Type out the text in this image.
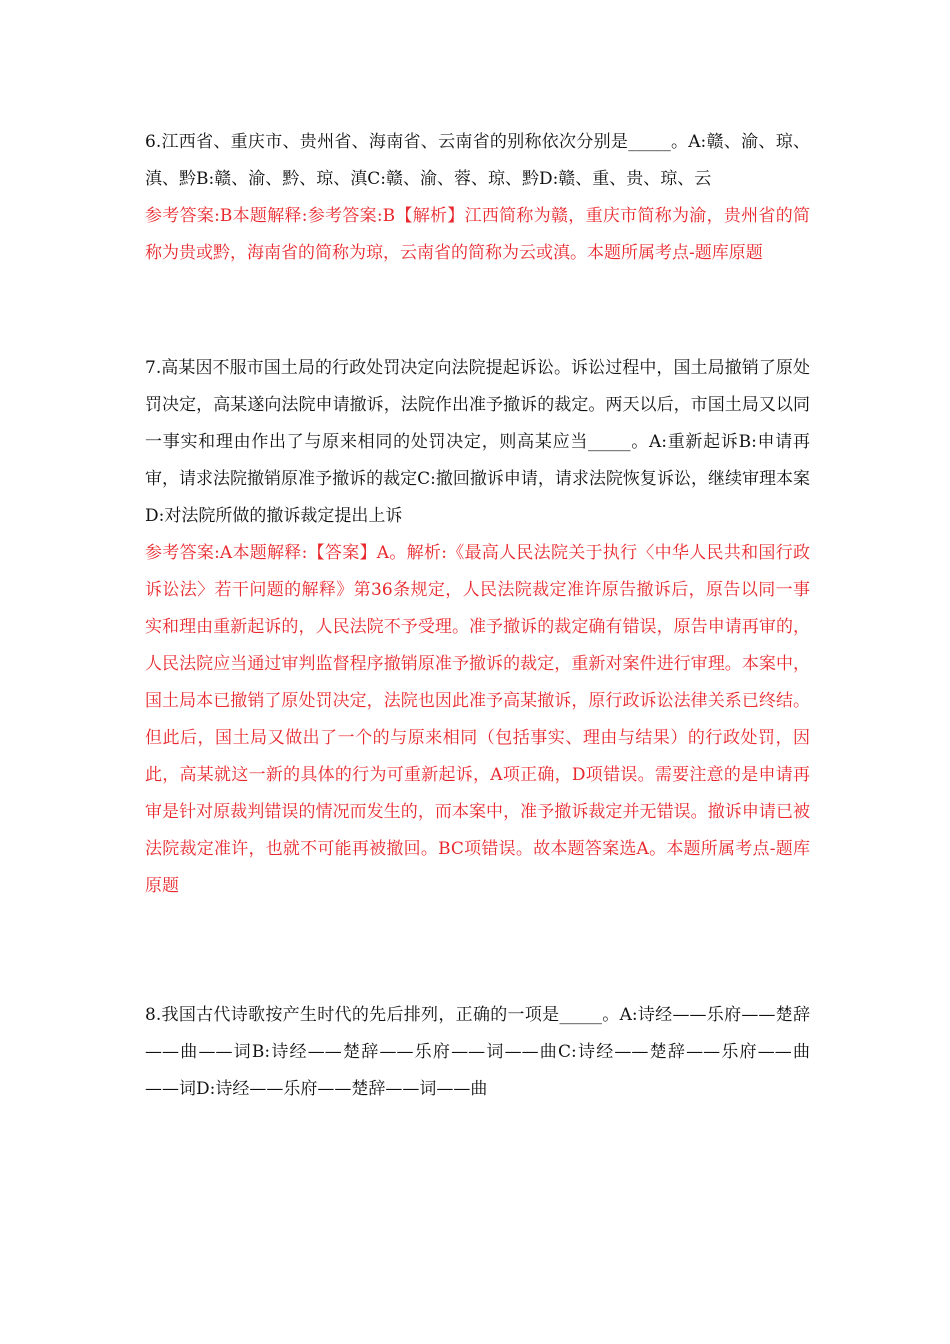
6.江西省、重庆市、贵州省、海南省、云南省的别称依次分别是_____。A:赣、渝、琼、滇、黔B:赣、渝、黔、琼、滇C:赣、渝、蓉、琼、黔D:赣、重、贵、琼、云

参考答案:B本题解释:参考答案:B【解析】江西简称为赣，重庆市简称为渝，贵州省的简称为贵或黔，海南省的简称为琼，云南省的简称为云或滇。本题所属考点-题库原题

7.高某因不服市国土局的行政处罚决定向法院提起诉讼。诉讼过程中，国土局撤销了原处罚决定，高某遂向法院申请撤诉，法院作出准予撤诉的裁定。两天以后，市国土局又以同一事实和理由作出了与原来相同的处罚决定，则高某应当_____。A:重新起诉B:申请再审，请求法院撤销原准予撤诉的裁定C:撤回撤诉申请，请求法院恢复诉讼，继续审理本案D:对法院所做的撤诉裁定提出上诉

参考答案:A本题解释:【答案】A。解析:《最高人民法院关于执行〈中华人民共和国行政诉讼法〉若干问题的解释》第36条规定，人民法院裁定准许原告撤诉后，原告以同一事实和理由重新起诉的，人民法院不予受理。准予撤诉的裁定确有错误，原告申请再审的，人民法院应当通过审判监督程序撤销原准予撤诉的裁定，重新对案件进行审理。本案中，国土局本已撤销了原处罚决定，法院也因此准予高某撤诉，原行政诉讼法律关系已终结。但此后，国土局又做出了一个的与原来相同（包括事实、理由与结果）的行政处罚，因此，高某就这一新的具体的行为可重新起诉，A项正确，D项错误。需要注意的是申请再审是针对原裁判错误的情况而发生的，而本案中，准予撤诉裁定并无错误。撤诉申请已被法院裁定准许，也就不可能再被撤回。BC项错误。故本题答案选A。本题所属考点-题库原题

8.我国古代诗歌按产生时代的先后排列，正确的一项是_____。A:诗经——乐府——楚辞——曲——词B:诗经——楚辞——乐府——词——曲C:诗经——楚辞——乐府——曲——词D:诗经——乐府——楚辞——词——曲
